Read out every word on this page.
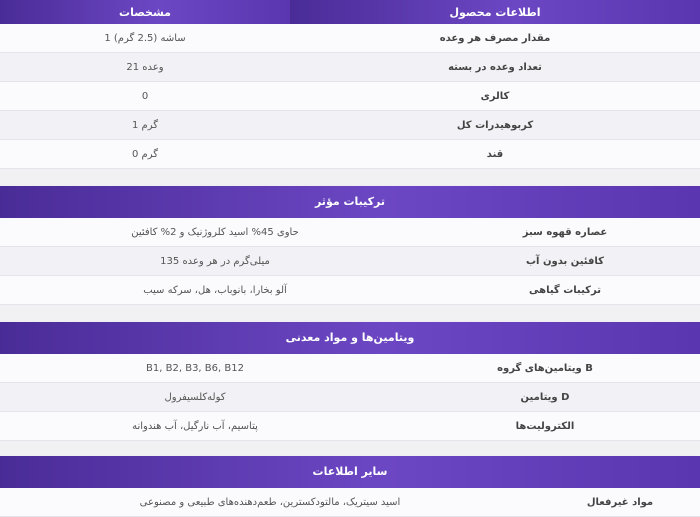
مشخصات	اطلاعات محصول
1 ساشه (2.5 گرم)	مقدار مصرف هر وعده
21 وعده	تعداد وعده در بسته
0	کالری
1 گرم	کربوهیدرات کل
0 گرم	قند
ترکیبات مؤثر
حاوی 45% اسید کلروژنیک و 2% کافئین	عصاره قهوه سبز
135 میلی‌گرم در هر وعده	کافئین بدون آب
آلو بخارا، بانوباب، هل، سرکه سیب	ترکیبات گیاهی
ویتامین‌ها و مواد معدنی
B1, B2, B3, B6, B12	ویتامین‌های گروه B
کوله‌کلسیفرول	ویتامین D
پتاسیم، آب نارگیل، آب هندوانه	الکترولیت‌ها
سایر اطلاعات
اسید سیتریک، مالتودکسترین، طعم‌دهنده‌های طبیعی و مصنوعی	مواد غیرفعال
